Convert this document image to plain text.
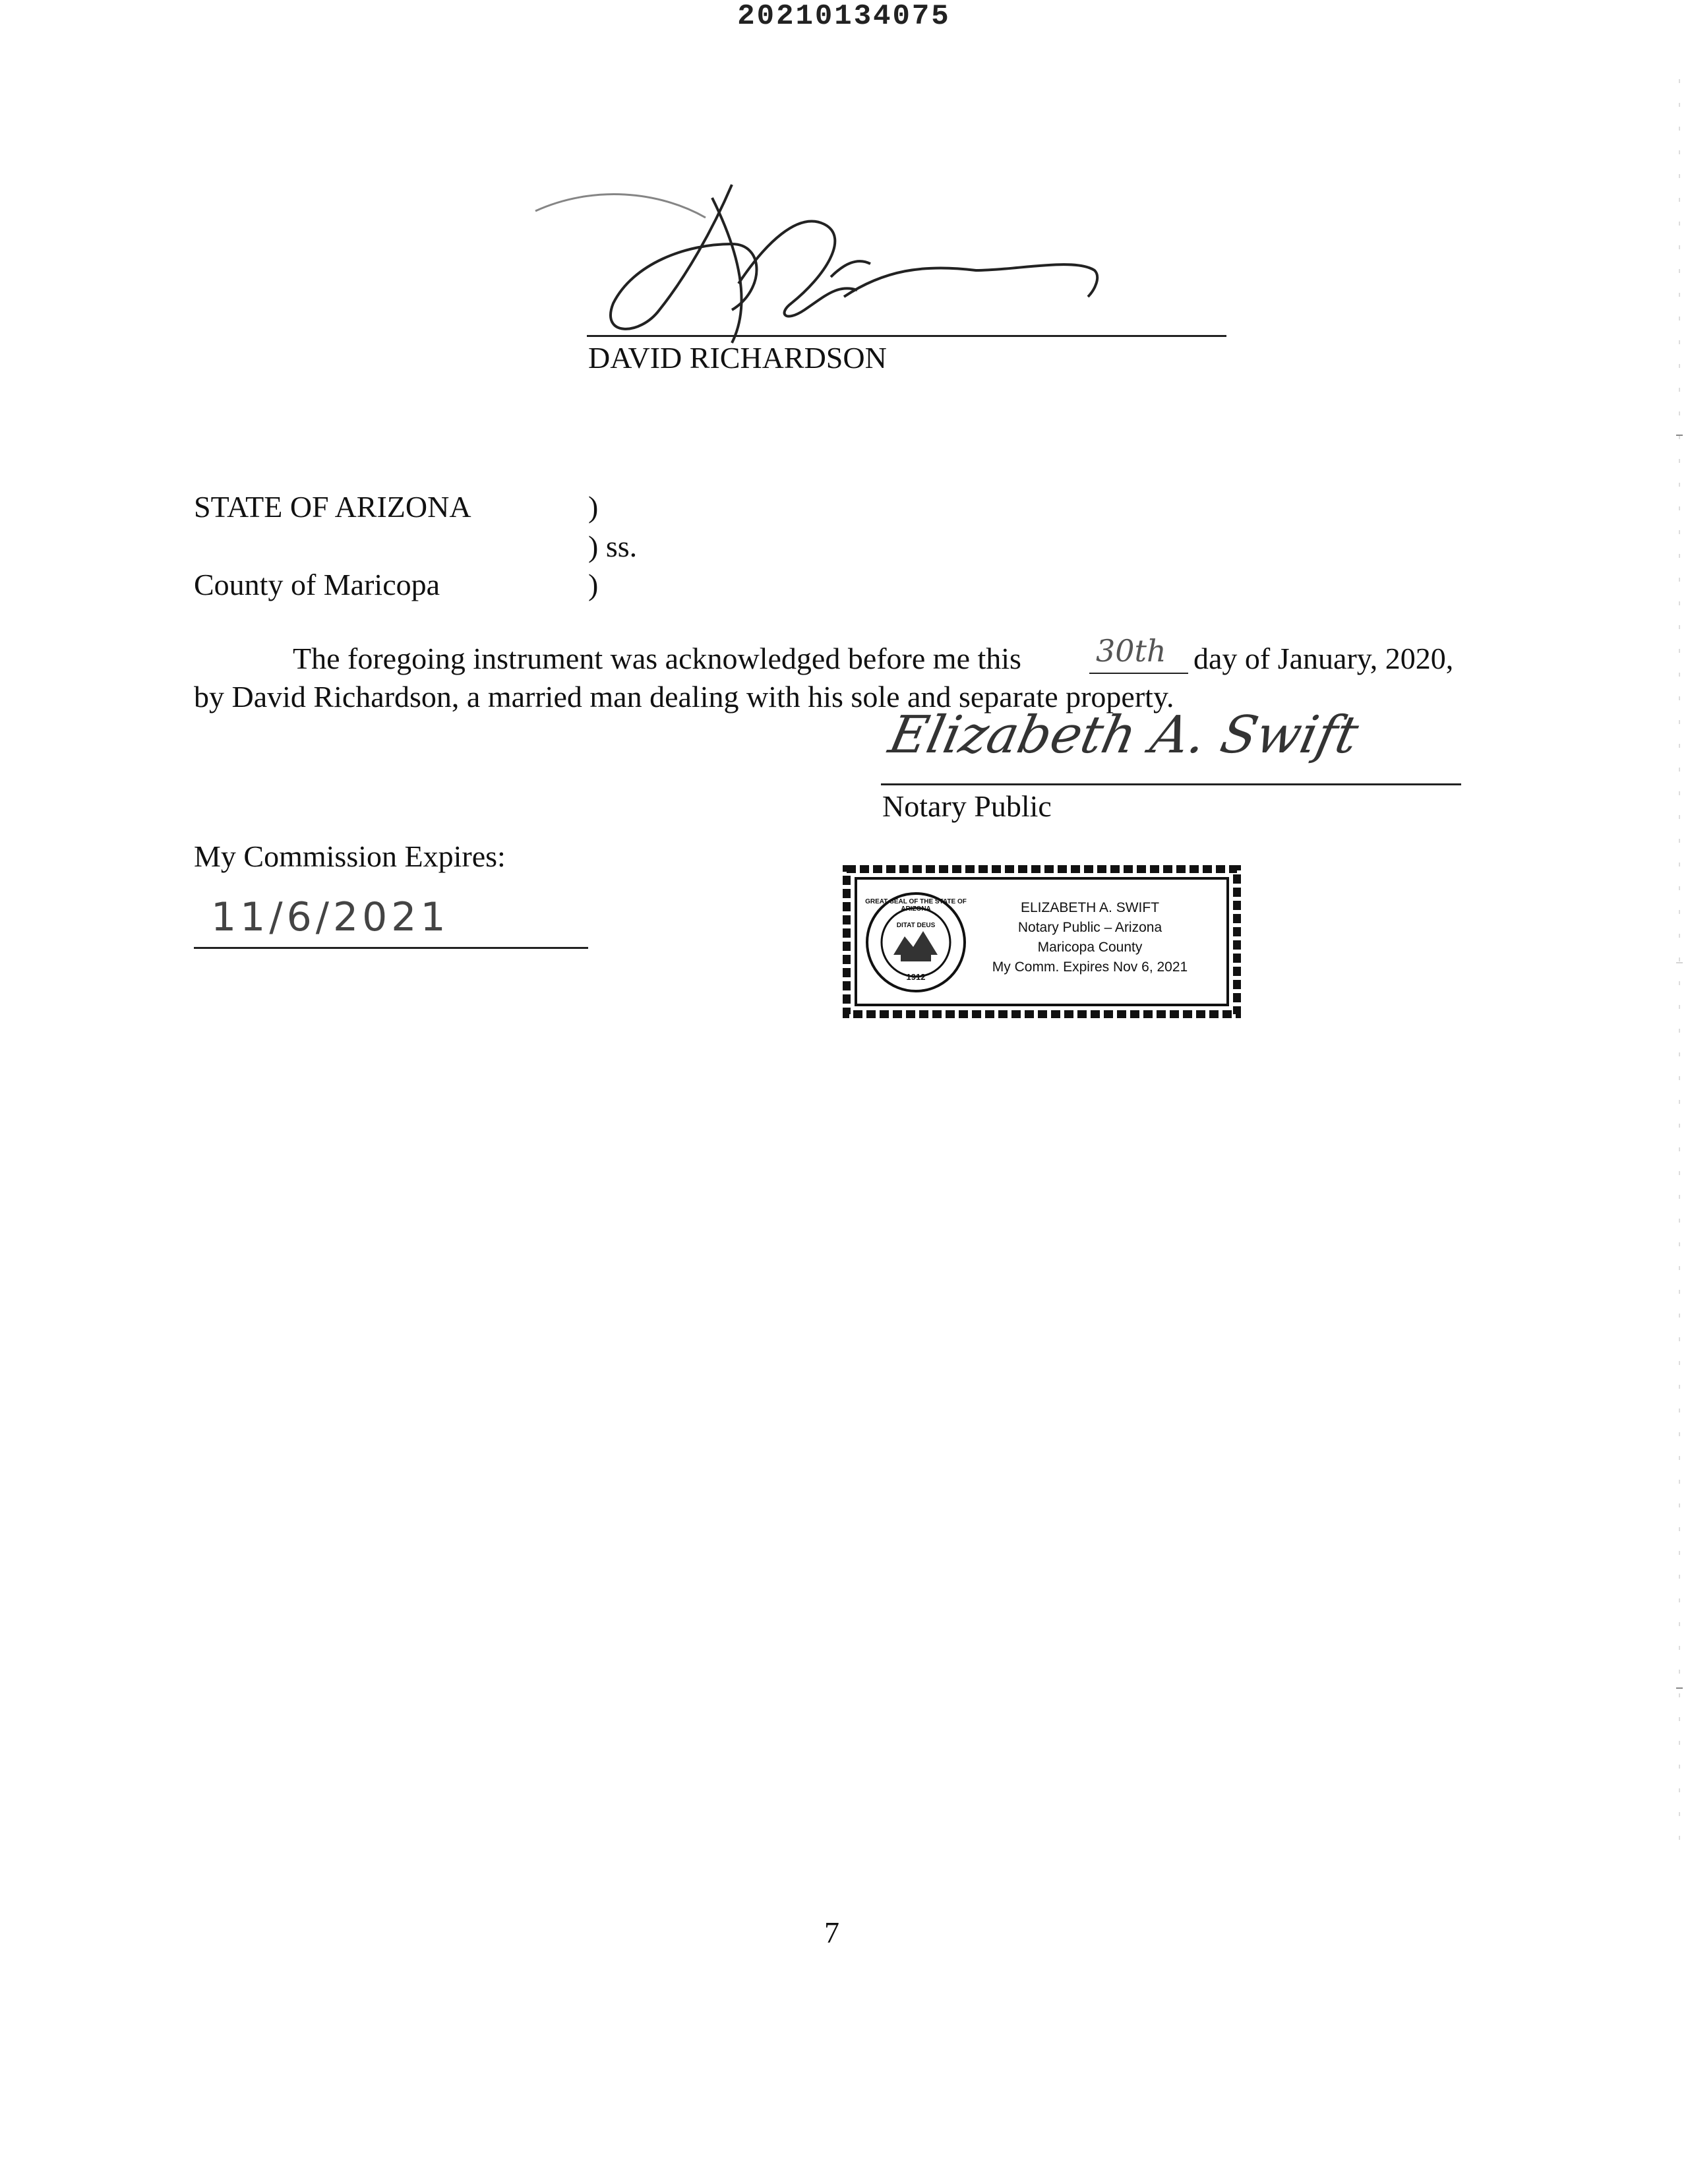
20210134075
DAVID RICHARDSON
STATE OF ARIZONA	)
) ss.
County of Maricopa	)
The foregoing instrument was acknowledged before me this 30th day of January, 2020,
by David Richardson, a married man dealing with his sole and separate property.
Elizabeth A. Swift
Notary Public
My Commission Expires:
11/6/2021	GREAT SEAL OF THE STATE OF ARIZONA
DITAT DEUS
1912
ELIZABETH A. SWIFT
Notary Public – Arizona
Maricopa County
My Comm. Expires Nov 6, 2021
7
